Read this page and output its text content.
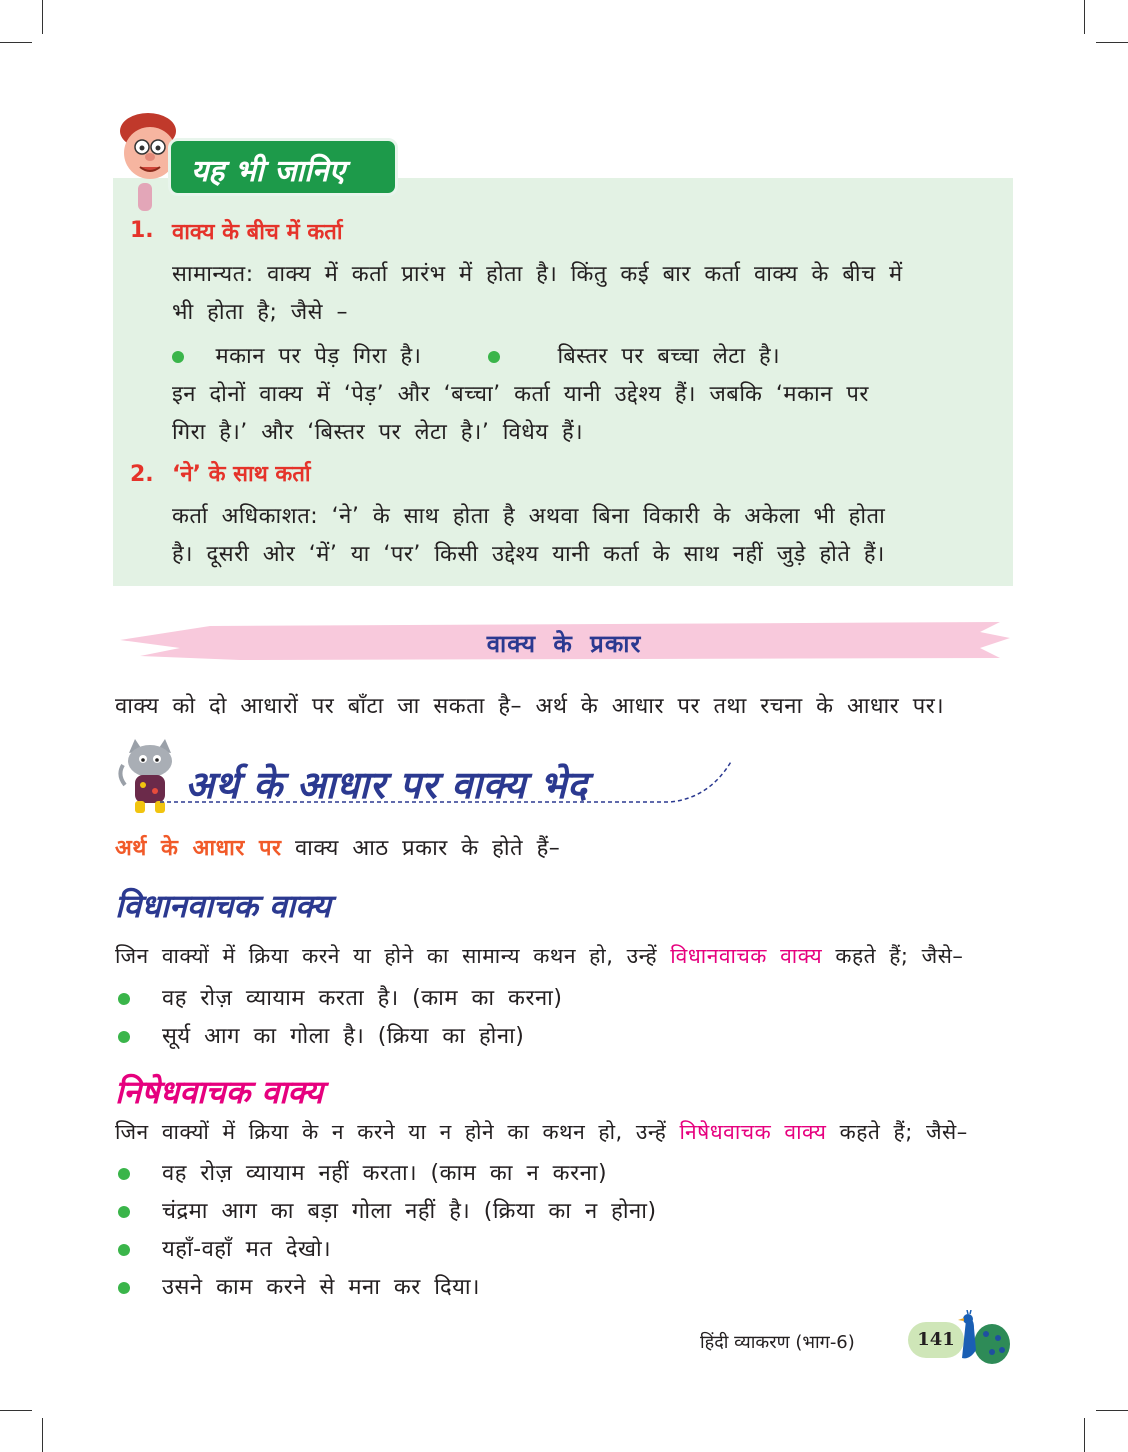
यह भी जानिए
1. वाक्य के बीच में कर्ता
सामान्यत: वाक्य में कर्ता प्रारंभ में होता है। किंतु कई बार कर्ता वाक्य के बीच में
भी होता है; जैसे –
मकान पर पेड़ गिरा है।	बिस्तर पर बच्चा लेटा है।
इन दोनों वाक्य में ‘पेड़’ और ‘बच्चा’ कर्ता यानी उद्देश्य हैं। जबकि ‘मकान पर
गिरा है।’ और ‘बिस्तर पर लेटा है।’ विधेय हैं।
2. ‘ने’ के साथ कर्ता
कर्ता अधिकाशत: ‘ने’ के साथ होता है अथवा बिना विकारी के अकेला भी होता
है। दूसरी ओर ‘में’ या ‘पर’ किसी उद्देश्य यानी कर्ता के साथ नहीं जुड़े होते हैं।
वाक्य के प्रकार
वाक्य को दो आधारों पर बाँटा जा सकता है– अर्थ के आधार पर तथा रचना के आधार पर।
अर्थ के आधार पर वाक्य भेद
अर्थ के आधार पर वाक्य आठ प्रकार के होते हैं–
विधानवाचक वाक्य
जिन वाक्यों में क्रिया करने या होने का सामान्य कथन हो, उन्हें विधानवाचक वाक्य कहते हैं; जैसे–
वह रोज़ व्यायाम करता है। (काम का करना)
सूर्य आग का गोला है। (क्रिया का होना)
निषेधवाचक वाक्य
जिन वाक्यों में क्रिया के न करने या न होने का कथन हो, उन्हें निषेधवाचक वाक्य कहते हैं; जैसे–
वह रोज़ व्यायाम नहीं करता। (काम का न करना)
चंद्रमा आग का बड़ा गोला नहीं है। (क्रिया का न होना)
यहाँ-वहाँ मत देखो।
उसने काम करने से मना कर दिया।
हिंदी व्याकरण (भाग-6)	141
